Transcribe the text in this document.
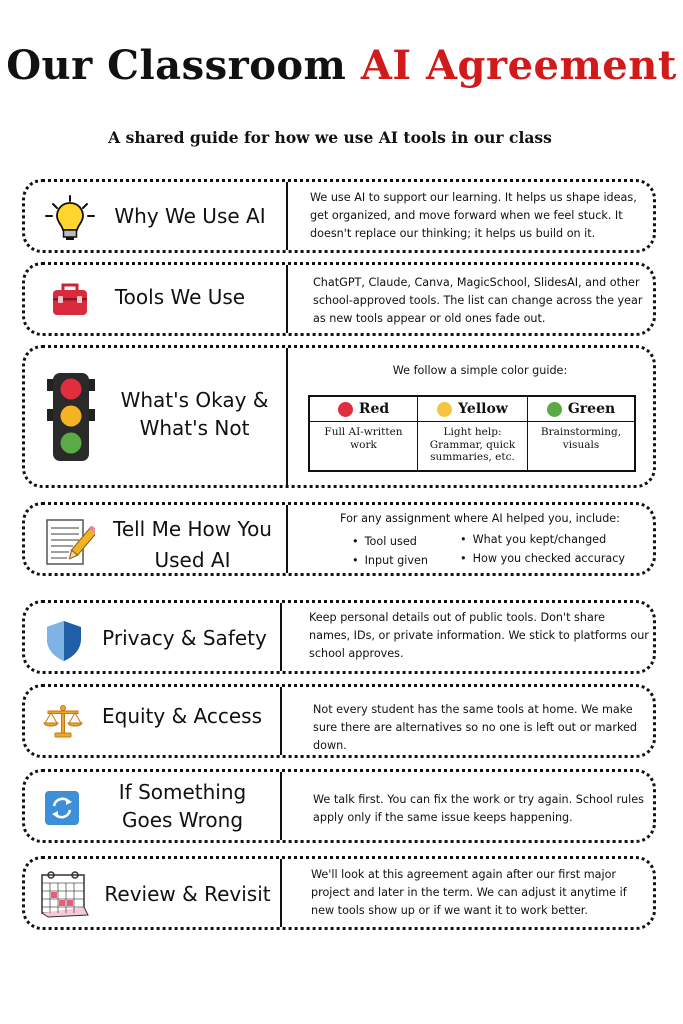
Our Classroom AI Agreement
A shared guide for how we use AI tools in our class
Why We Use AI
We use AI to support our learning. It helps us shape ideas, get organized, and move forward when we feel stuck. It doesn't replace our thinking; it helps us build on it.
Tools We Use
ChatGPT, Claude, Canva, MagicSchool, SlidesAI, and other school-approved tools. The list can change across the year as new tools appear or old ones fade out.
What's Okay &
What's Not
We follow a simple color guide:
Red
Full AI-written work
Yellow
Light help: Grammar, quick summaries, etc.
Green
Brainstorming, visuals
Tell Me How You
Used AI
For any assignment where AI helped you, include:
• Tool used
• Input given
• What you kept/changed
• How you checked accuracy
Privacy & Safety
Keep personal details out of public tools. Don't share names, IDs, or private information. We stick to platforms our school approves.
Equity & Access	Not every student has the same tools at home. We make sure there are alternatives so no one is left out or marked down.
If Something
Goes Wrong
We talk first. You can fix the work or try again. School rules apply only if the same issue keeps happening.
Review & Revisit
We'll look at this agreement again after our first major project and later in the term. We can adjust it anytime if new tools show up or if we want it to work better.
